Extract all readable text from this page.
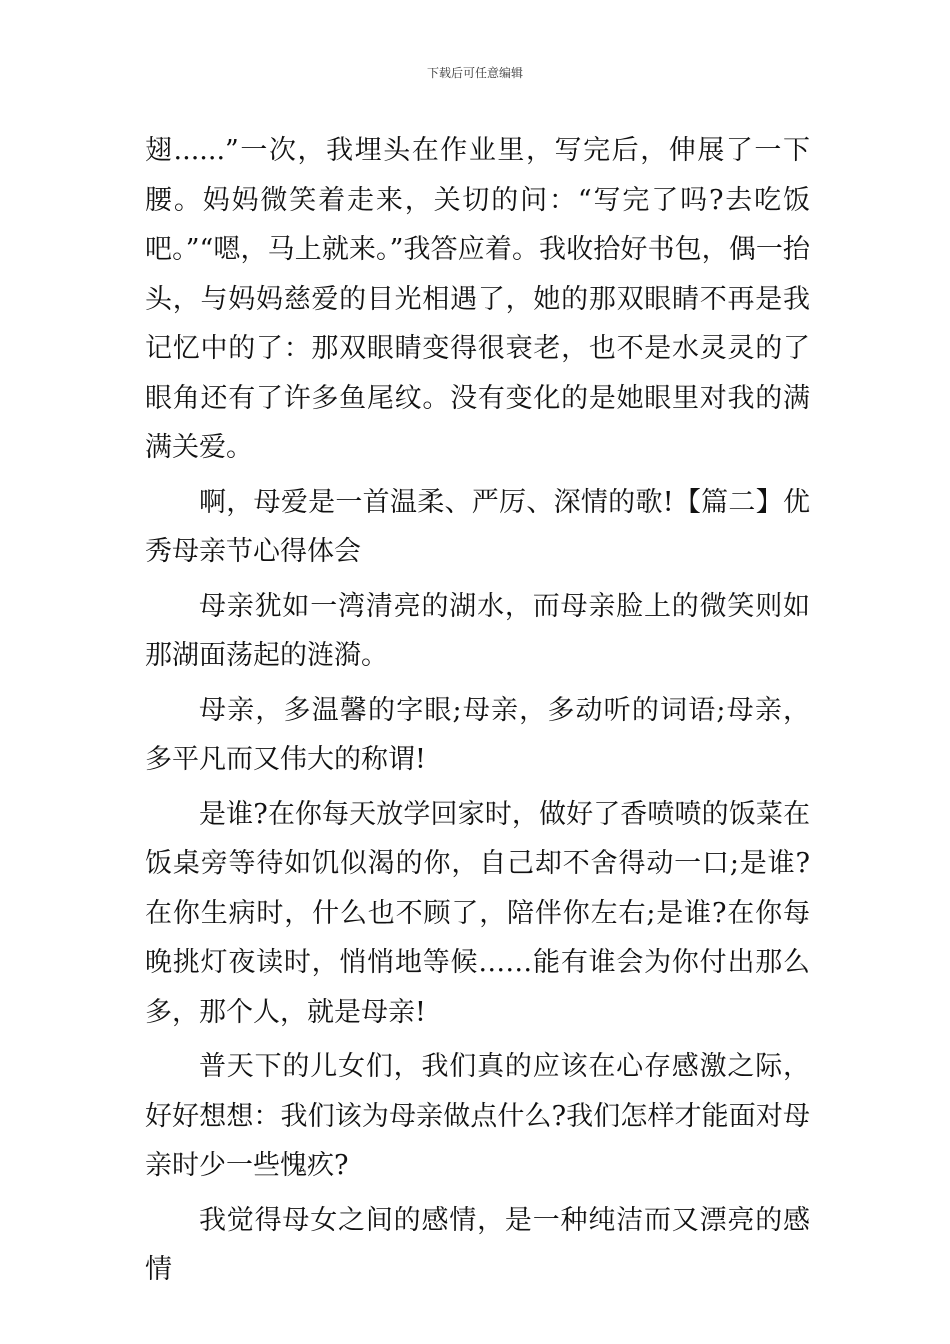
下载后可任意编辑

翅......”一次，我埋头在作业里，写完后，伸展了一下腰。妈妈微笑着走来，关切的问：“写完了吗?去吃饭吧。”“嗯，马上就来。”我答应着。我收拾好书包，偶一抬头，与妈妈慈爱的目光相遇了，她的那双眼睛不再是我记忆中的了：那双眼睛变得很衰老，也不是水灵灵的了眼角还有了许多鱼尾纹。没有变化的是她眼里对我的满满关爱。

啊，母爱是一首温柔、严厉、深情的歌!【篇二】优秀母亲节心得体会

母亲犹如一湾清亮的湖水，而母亲脸上的微笑则如那湖面荡起的涟漪。

母亲，多温馨的字眼;母亲，多动听的词语;母亲，多平凡而又伟大的称谓!

是谁?在你每天放学回家时，做好了香喷喷的饭菜在饭桌旁等待如饥似渴的你，自己却不舍得动一口;是谁?在你生病时，什么也不顾了，陪伴你左右;是谁?在你每晚挑灯夜读时，悄悄地等候……能有谁会为你付出那么多，那个人，就是母亲!

普天下的儿女们，我们真的应该在心存感激之际，好好想想：我们该为母亲做点什么?我们怎样才能面对母亲时少一些愧疚?

我觉得母女之间的感情，是一种纯洁而又漂亮的感情
